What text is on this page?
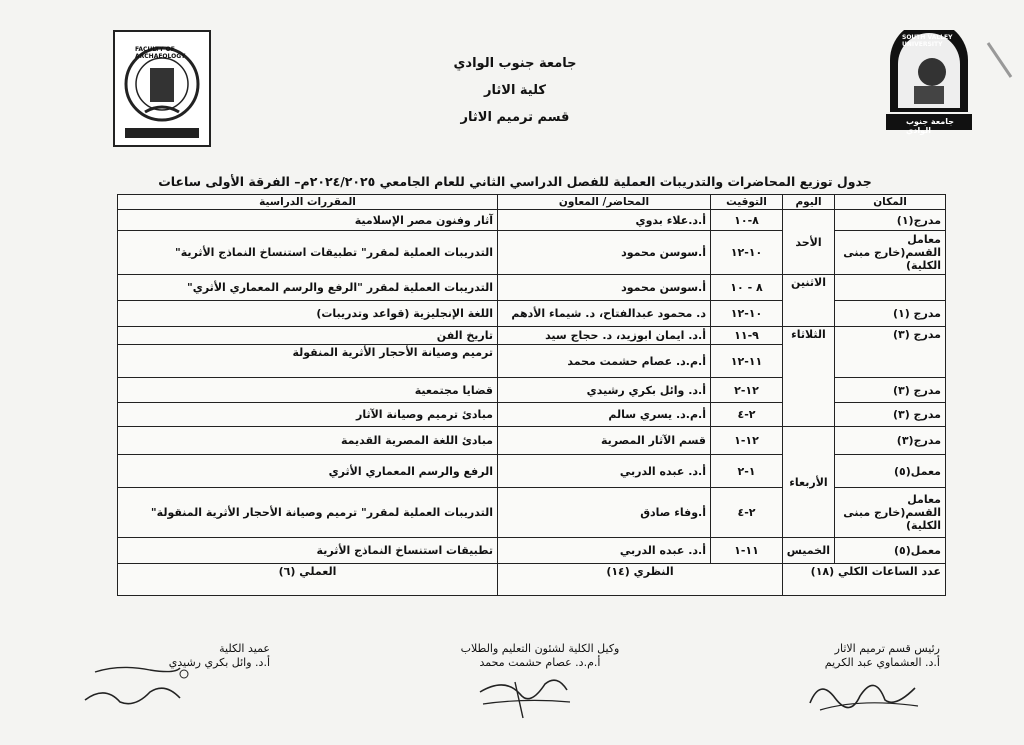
FACULTY OF ARCHAEOLOGY
SOUTH VALLEY UNIVERSITY
جامعة جنوب الوادي
جامعة جنوب الوادي
كلية الاثار
قسم ترميم الاثار
جدول توزيع المحاضرات والتدريبات العملية للفصل الدراسي الثاني للعام الجامعي ٢٠٢٤/٢٠٢٥م– الفرقة الأولى ساعات
المكان	اليوم	التوقيت	المحاضر/ المعاون	المقررات الدراسية
مدرج(١)	الأحد	٨-١٠	أ.د.علاء بدوي	آثار وفنون مصر الإسلامية
معامل القسم(خارج مبنى الكلية)		١٠-١٢	أ.سوسن محمود	التدريبات العملية لمقرر" تطبيقات استنساخ النماذج الأثرية"
	الاثنين	٨ - ١٠	أ.سوسن محمود	التدريبات العملية لمقرر "الرفع والرسم المعماري الأثري"
مدرج (١)		١٠-١٢	د. محمود عبدالفتاح، د. شيماء الأدهم	اللغة الإنجليزية (قواعد وتدريبات)
مدرج (٣)	الثلاثاء	٩-١١	أ.د. ايمان ابوزيد، د. حجاج سيد	تاريخ الفن
		١١-١٢	أ.م.د. عصام حشمت محمد	ترميم وصيانة الأحجار الأثرية المنقولة
مدرج (٣)		١٢-٢	أ.د. وائل بكري رشيدي	قضايا مجتمعية
مدرج (٣)		٢-٤	أ.م.د. يسري سالم	مبادئ ترميم وصيانة الآثار
مدرج(٣)	الأربعاء	١٢-١	قسم الآثار المصرية	مبادئ اللغة المصرية القديمة
معمل(٥)		١-٢	أ.د. عبده الدربي	الرفع والرسم المعماري الأثري
معامل القسم(خارج مبنى الكلية)		٢-٤	أ.وفاء صادق	التدريبات العملية لمقرر" ترميم وصيانة الأحجار الأثرية المنقولة"
معمل(٥)	الخميس	١١-١	أ.د. عبده الدربي	تطبيقات استنساخ النماذج الأثرية
عدد الساعات الكلي (١٨)		النظري (١٤)		العملي (٦)
رئيس قسم ترميم الاثار
أ.د. العشماوي عبد الكريم
وكيل الكلية لشئون التعليم والطلاب
أ.م.د. عصام حشمت محمد
عميد الكلية
أ.د. وائل بكري رشيدي
